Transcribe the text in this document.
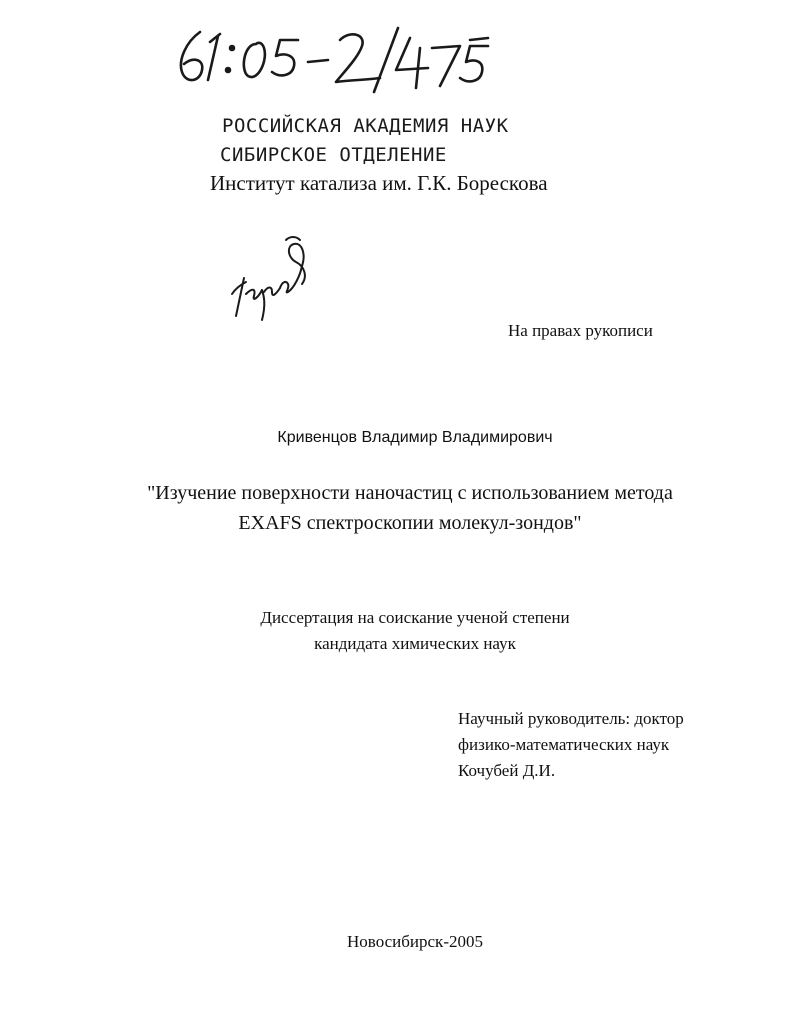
РОССИЙСКАЯ АКАДЕМИЯ НАУК
СИБИРСКОЕ ОТДЕЛЕНИЕ
Институт катализа им. Г.К. Борескова
На правах рукописи
Кривенцов Владимир Владимирович
"Изучение поверхности наночастиц с использованием метода
EXAFS спектроскопии молекул-зондов"
Диссертация на соискание ученой степени
кандидата химических наук
Научный руководитель: доктор
физико-математических наук
Кочубей Д.И.
Новосибирск-2005
